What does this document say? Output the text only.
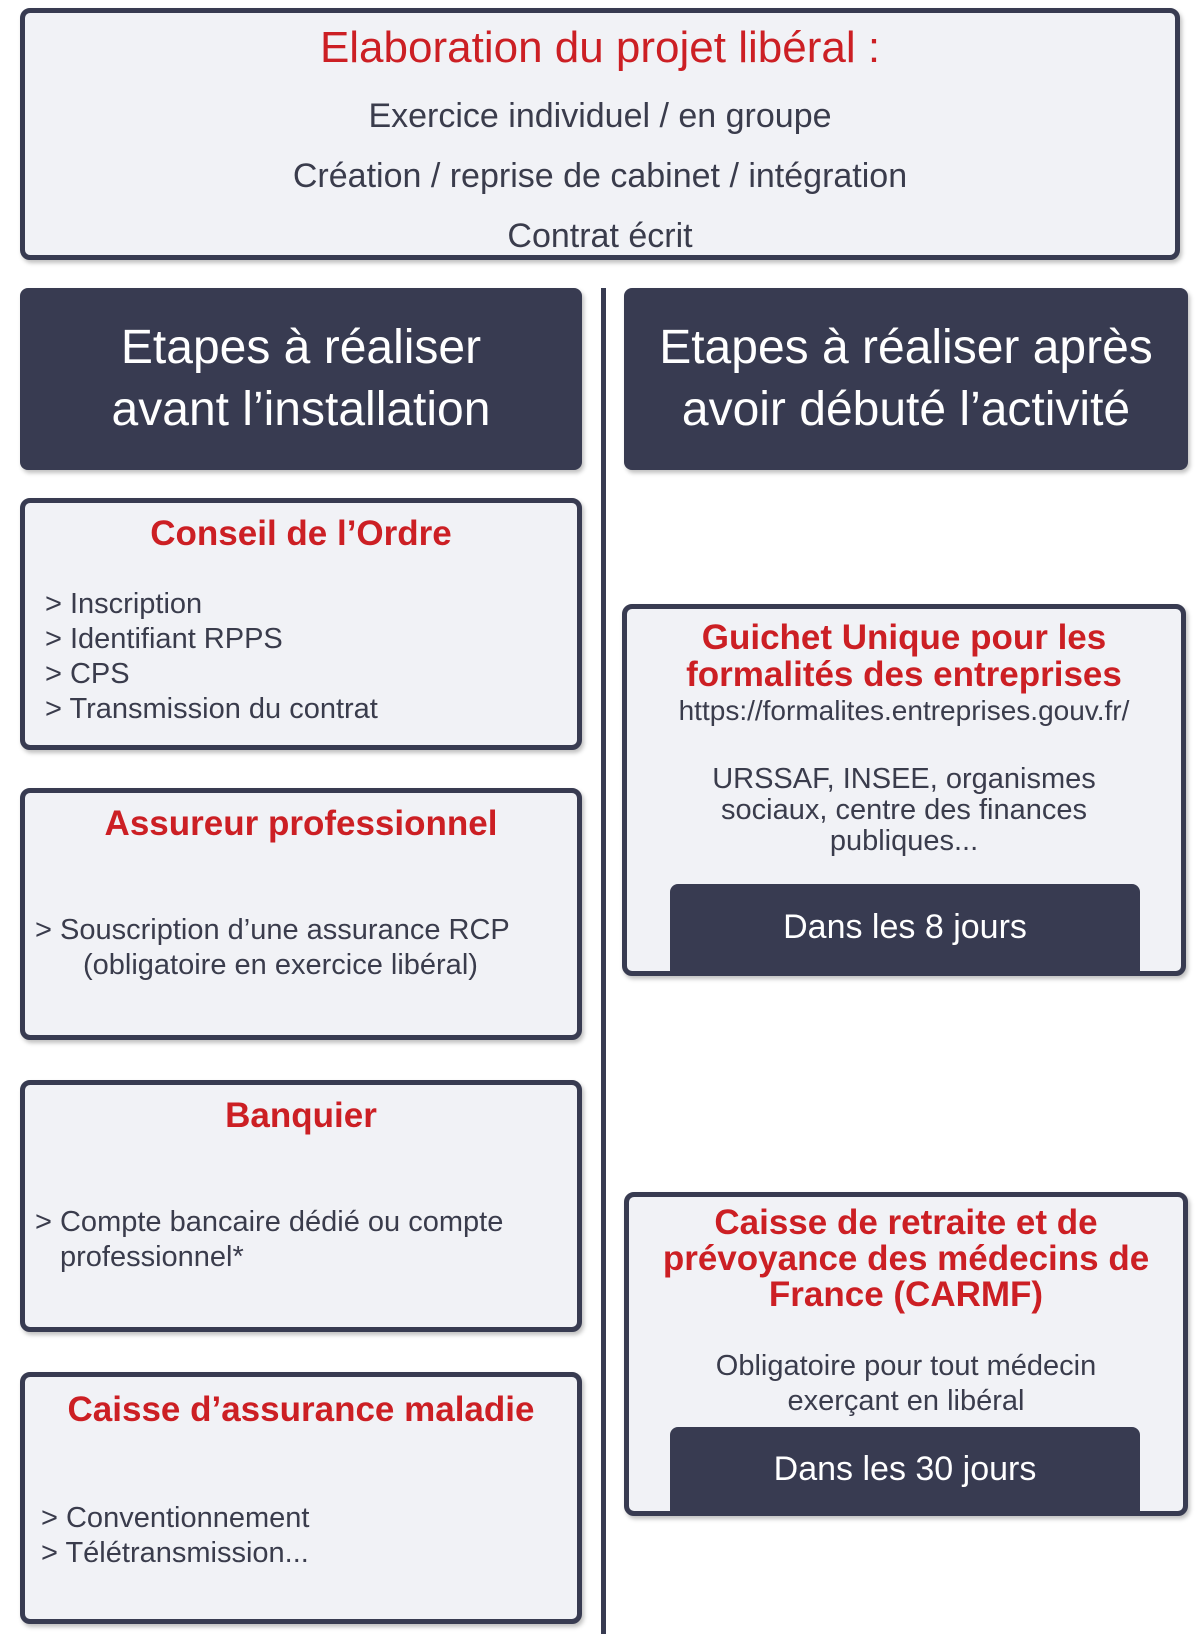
Elaboration du projet libéral :
Exercice individuel / en groupe
Création / reprise de cabinet / intégration
Contrat écrit
Etapes à réaliser
avant l’installation
Etapes à réaliser après
avoir débuté l’activité
Conseil de l’Ordre
> Inscription
> Identifiant RPPS
> CPS
> Transmission du contrat
Assureur professionnel
> Souscription d’une assurance RCP
(obligatoire en exercice libéral)
Banquier
> Compte bancaire dédié ou compte
professionnel*
Caisse d’assurance maladie
> Conventionnement
> Télétransmission...
Guichet Unique pour les
formalités des entreprises
https://formalites.entreprises.gouv.fr/
URSSAF, INSEE, organismes
sociaux, centre des finances
publiques...
Dans les 8 jours
Caisse de retraite et de
prévoyance des médecins de
France (CARMF)
Obligatoire pour tout médecin
exerçant en libéral
Dans les 30 jours
